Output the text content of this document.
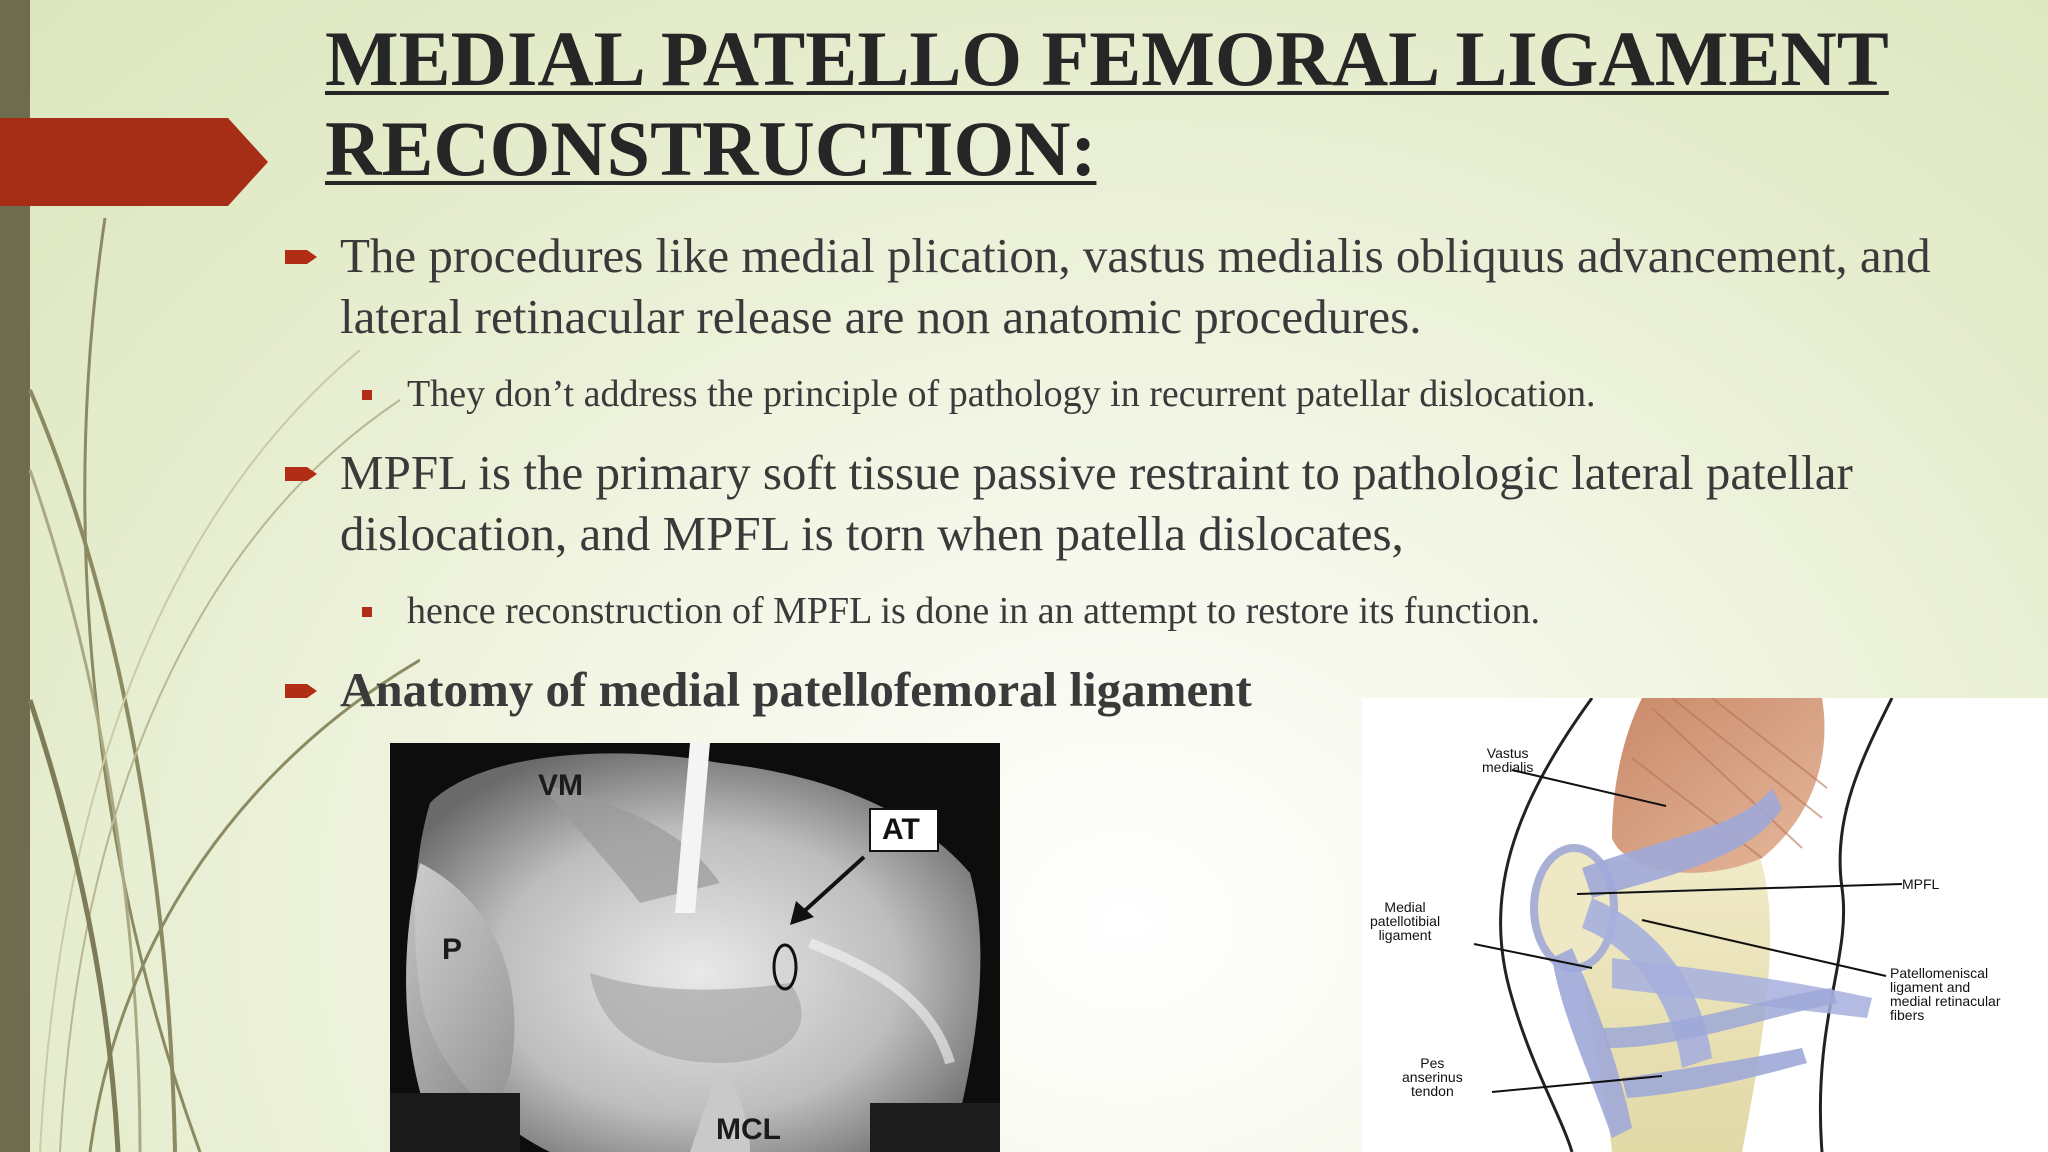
MEDIAL PATELLO FEMORAL LIGAMENT
RECONSTRUCTION:
The procedures like medial plication, vastus medialis obliquus advancement, and lateral retinacular release are non anatomic procedures.
They don’t address the principle of pathology in recurrent patellar dislocation.
MPFL is the primary soft tissue passive restraint to pathologic lateral patellar dislocation, and MPFL is torn when patella dislocates,
hence reconstruction of MPFL is done in an attempt to restore its function.
Anatomy of medial patellofemoral ligament
VM
P
AT
MCL
Vastus
medialis
MPFL
Medial
patellotibial
ligament
Patellomeniscal
ligament and
medial retinacular
fibers
Pes
anserinus
tendon
